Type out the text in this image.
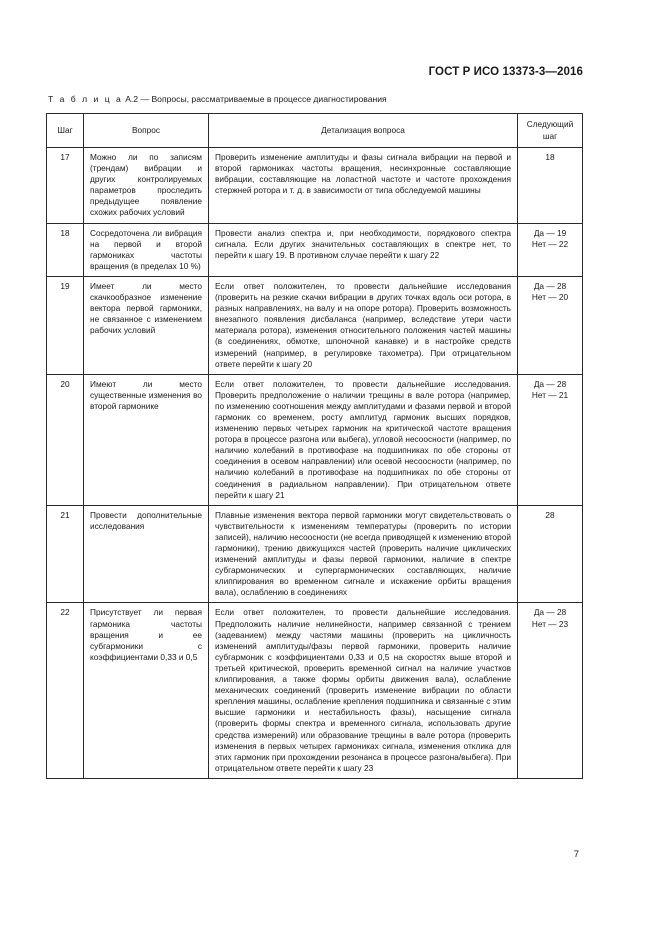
ГОСТ Р ИСО 13373-3—2016
Т а б л и ц а А.2 — Вопросы, рассматриваемые в процессе диагностирования
Шаг	Вопрос	Детализация вопроса	Следующий шаг
17	Можно ли по записям (трендам) вибрации и других контролируемых параметров проследить предыдущее появление схожих рабочих условий	Проверить изменение амплитуды и фазы сигнала вибрации на первой и второй гармониках частоты вращения, несинхронные составляющие вибрации, составляющие на лопастной частоте и частоте прохождения стержней ротора и т. д. в зависимости от типа обследуемой машины	18
18	Сосредоточена ли вибрация на первой и второй гармониках частоты вращения (в пределах 10 %)	Провести анализ спектра и, при необходимости, порядкового спектра сигнала. Если других значительных составляющих в спектре нет, то перейти к шагу 19. В противном случае перейти к шагу 22	Да — 19
Нет — 22
19	Имеет ли место скачкообразное изменение вектора первой гармоники, не связанное с изменением рабочих условий	Если ответ положителен, то провести дальнейшие исследования (проверить на резкие скачки вибрации в других точках вдоль оси ротора, в разных направлениях, на валу и на опоре ротора). Проверить возможность внезапного появления дисбаланса (например, вследствие утери части материала ротора), изменения относительного положения частей машины (в соединениях, обмотке, шпоночной канавке) и в настройке средств измерений (например, в регулировке тахометра). При отрицательном ответе перейти к шагу 20	Да — 28
Нет — 20
20	Имеют ли место существенные изменения во второй гармонике	Если ответ положителен, то провести дальнейшие исследования. Проверить предположение о наличии трещины в вале ротора (например, по изменению соотношения между амплитудами и фазами первой и второй гармоник со временем, росту амплитуд гармоник высших порядков, изменению первых четырех гармоник на критической частоте вращения ротора в процессе разгона или выбега), угловой несоосности (например, по наличию колебаний в противофазе на подшипниках по обе стороны от соединения в осевом направлении) или осевой несоосности (например, по наличию колебаний в противофазе на подшипниках по обе стороны от соединения в радиальном направлении). При отрицательном ответе перейти к шагу 21	Да — 28
Нет — 21
21	Провести дополнительные исследования	Плавные изменения вектора первой гармоники могут свидетельствовать о чувствительности к изменениям температуры (проверить по истории записей), наличию несоосности (не всегда приводящей к изменению второй гармоники), трению движущихся частей (проверить наличие циклических изменений амплитуды и фазы первой гармоники, наличие в спектре субгармонических и супергармонических составляющих, наличие клиппирования во временном сигнале и искажение орбиты вращения вала), ослаблению в соединениях	28
22	Присутствует ли первая гармоника частоты вращения и ее субгармоники с коэффициентами 0,33 и 0,5	Если ответ положителен, то провести дальнейшие исследования. Предположить наличие нелинейности, например связанной с трением (задеванием) между частями машины (проверить на цикличность изменений амплитуды/фазы первой гармоники, проверить наличие субгармоник с коэффициентами 0,33 и 0,5 на скоростях выше второй и третьей критической, проверить временной сигнал на наличие участков клиппирования, а также формы орбиты движения вала), ослабление механических соединений (проверить изменение вибрации по области крепления машины, ослабление крепления подшипника и связанные с этим высшие гармоники и нестабильность фазы), насыщение сигнала (проверить формы спектра и временного сигнала, использовать другие средства измерений) или образование трещины в вале ротора (проверить изменения в первых четырех гармониках сигнала, изменения отклика для этих гармоник при прохождении резонанса в процессе разгона/выбега). При отрицательном ответе перейти к шагу 23	Да — 28
Нет — 23
7
